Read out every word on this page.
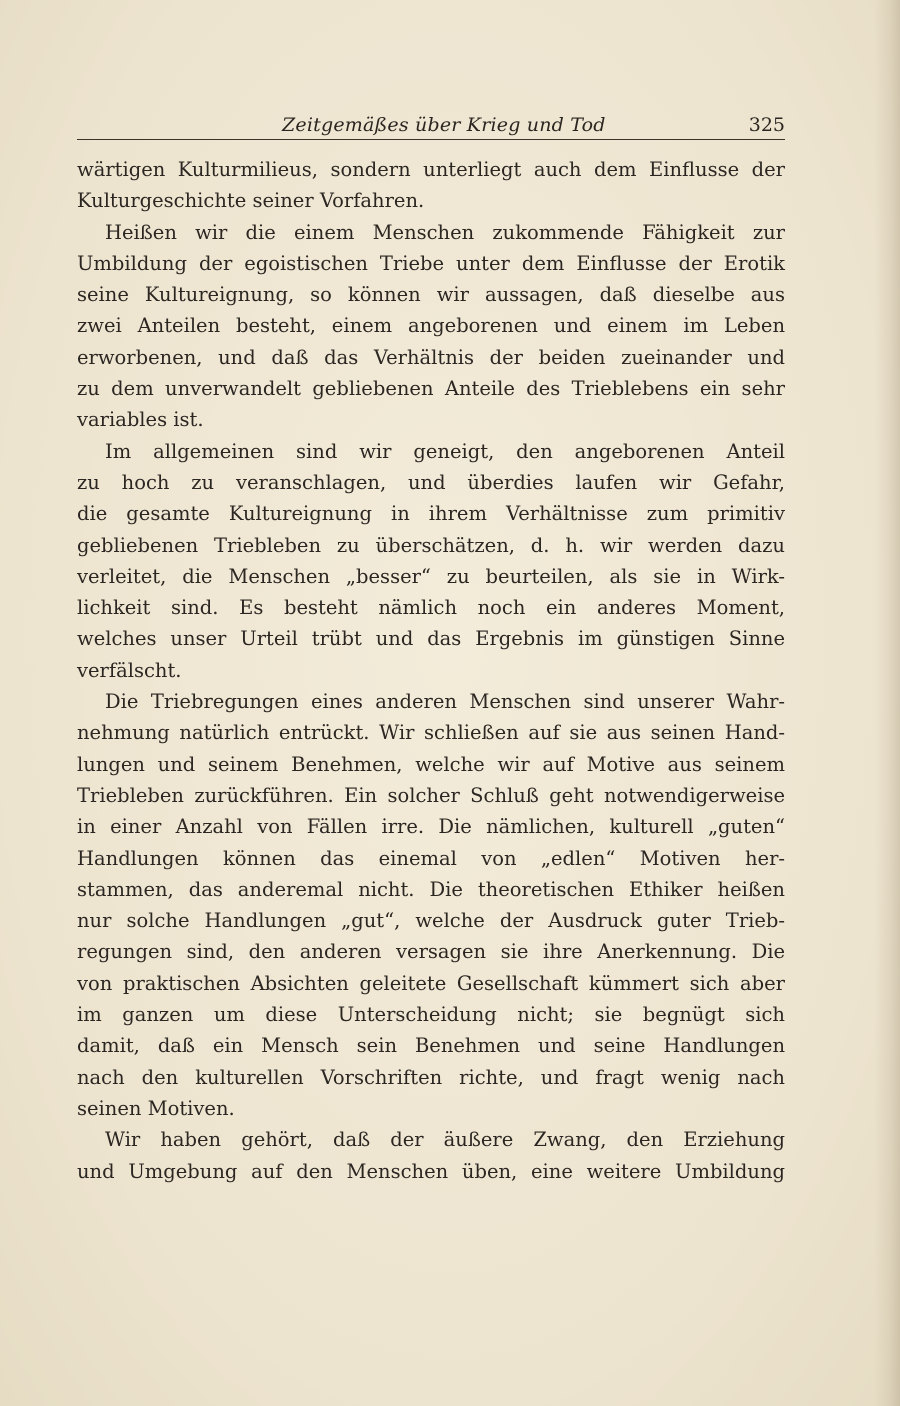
Zeitgemäßes über Krieg und Tod	325
wärtigen Kulturmilieus, sondern unterliegt auch dem Einflusse der
Kulturgeschichte seiner Vorfahren.
Heißen wir die einem Menschen zukommende Fähigkeit zur
Umbildung der egoistischen Triebe unter dem Einflusse der Erotik
seine Kultureignung, so können wir aussagen, daß dieselbe aus
zwei Anteilen besteht, einem angeborenen und einem im Leben
erworbenen, und daß das Verhältnis der beiden zueinander und
zu dem unverwandelt gebliebenen Anteile des Trieblebens ein sehr
variables ist.
Im allgemeinen sind wir geneigt, den angeborenen Anteil
zu hoch zu veranschlagen, und überdies laufen wir Gefahr,
die gesamte Kultureignung in ihrem Verhältnisse zum primitiv
gebliebenen Triebleben zu überschätzen, d. h. wir werden dazu
verleitet, die Menschen „besser“ zu beurteilen, als sie in Wirk-
lichkeit sind. Es besteht nämlich noch ein anderes Moment,
welches unser Urteil trübt und das Ergebnis im günstigen Sinne
verfälscht.
Die Triebregungen eines anderen Menschen sind unserer Wahr-
nehmung natürlich entrückt. Wir schließen auf sie aus seinen Hand-
lungen und seinem Benehmen, welche wir auf Motive aus seinem
Triebleben zurückführen. Ein solcher Schluß geht notwendigerweise
in einer Anzahl von Fällen irre. Die nämlichen, kulturell „guten“
Handlungen können das einemal von „edlen“ Motiven her-
stammen, das anderemal nicht. Die theoretischen Ethiker heißen
nur solche Handlungen „gut“, welche der Ausdruck guter Trieb-
regungen sind, den anderen versagen sie ihre Anerkennung. Die
von praktischen Absichten geleitete Gesellschaft kümmert sich aber
im ganzen um diese Unterscheidung nicht; sie begnügt sich
damit, daß ein Mensch sein Benehmen und seine Handlungen
nach den kulturellen Vorschriften richte, und fragt wenig nach
seinen Motiven.
Wir haben gehört, daß der äußere Zwang, den Erziehung
und Umgebung auf den Menschen üben, eine weitere Umbildung
